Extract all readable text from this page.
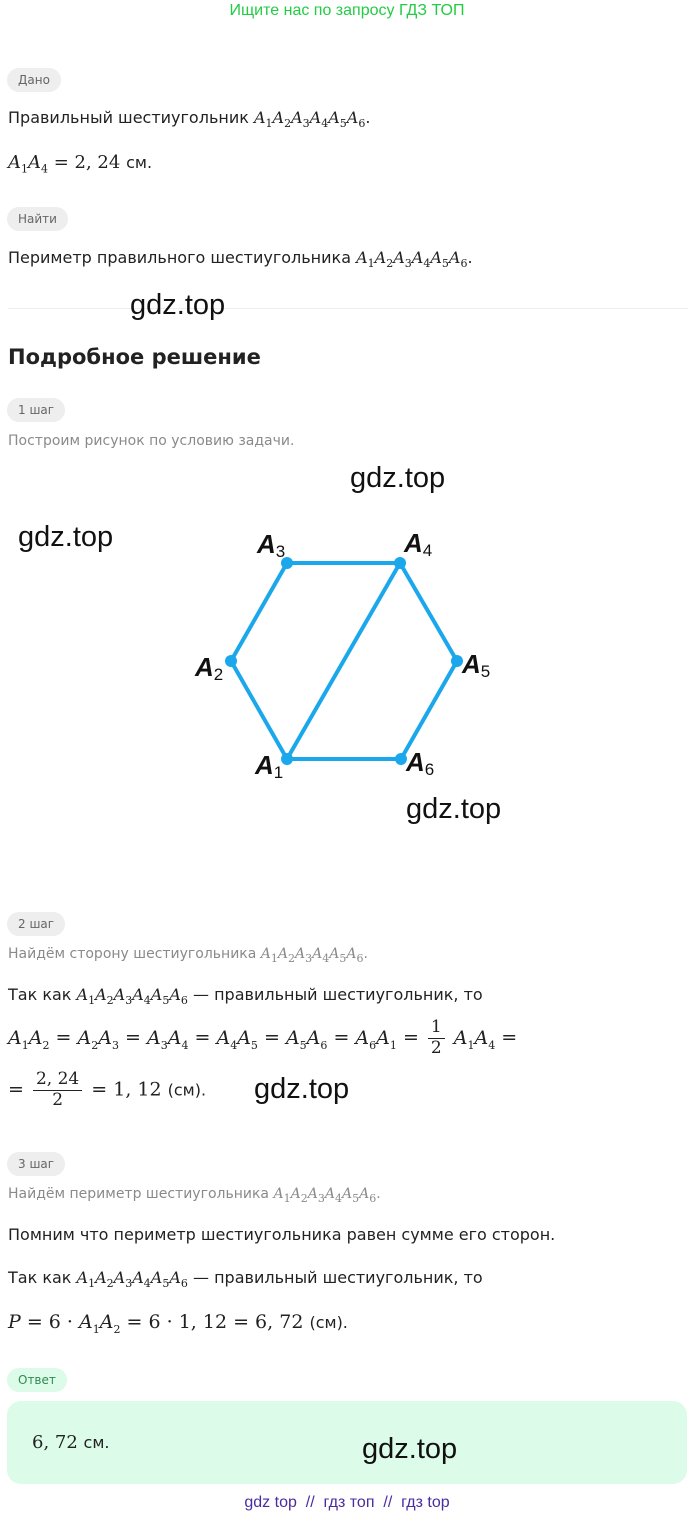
Ищите нас по запросу ГДЗ ТОП
Дано
Правильный шестиугольник $A_1A_2A_3A_4A_5A_6$.
$A_1A_4 = 2$, 24 см.
Найти
Периметр правильного шестиугольника $A_1A_2A_3A_4A_5A_6$.
gdz.top
Подробное решение
1 шаг
Построим рисунок по условию задачи.
gdz.top
gdz.top
gdz.top
A1
A2
A3	A4
A5
A6
2 шаг
Найдём сторону шестиугольника $A_1A_2A_3A_4A_5A_6$.
Так как $A_1A_2A_3A_4A_5A_6$ — правильный шестиугольник, то
$A_1A_2 = A_2A_3 = A_3A_4 = A_4A_5 = A_5A_6 = A_6A_1 = \frac{1}{2} A_1A_4$ =
= $\frac{2, 24}{2} = 1$, 12 (см). gdz.top
3 шаг
Найдём периметр шестиугольника $A_1A_2A_3A_4A_5A_6$.
Помним что периметр шестиугольника равен сумме его сторон.
Так как $A_1A_2A_3A_4A_5A_6$ — правильный шестиугольник, то
$P = 6 \cdot A_1A_2 = 6 \cdot 1$, 12 = 6, 72 (см).
Ответ
6, 72 см.	gdz.top
gdz top  //  гдз топ  //  гдз top
